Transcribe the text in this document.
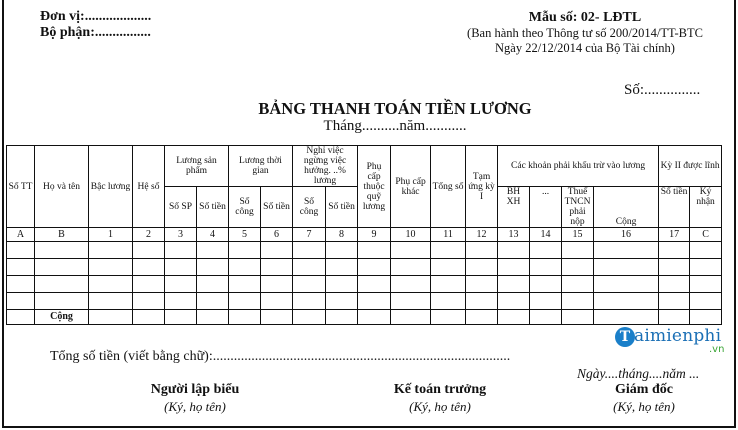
Đơn vị:...................
Bộ phận:................
Mẫu số: 02- LĐTL
(Ban hành theo Thông tư số 200/2014/TT-BTC
Ngày 22/12/2014 của Bộ Tài chính)
Số:...............
BẢNG THANH TOÁN TIỀN LƯƠNG
Tháng..........năm...........
Số TT	Họ và tên	Bậc lương	Hệ số	Lương sản phẩm		Lương thời gian		Nghỉ việc ngừng việc hưởng. ..% lương		Phụ cấp thuộc quỹ lương	Phụ cấp khác	Tổng số	Tạm ứng kỳ I	Các khoản phải khấu trừ vào lương				Kỳ II được lĩnh		
				Số SP	Số tiền	Số công	Số tiền	Số công	Số tiền					BH XH	...	Thuế TNCN phải nộp	Cộng	Số tiền	Ký nhận	
A	B	1	2	3	4	5	6	7	8	9	10	11	12	13	14	15	16	17	C	

	Cộng																			
T aimienphi
.vn
Tổng số tiền (viết bằng chữ):.....................................................................................
Ngày....tháng....năm ...
Người lập biểu
(Ký, họ tên)
Kế toán trưởng
(Ký, họ tên)
Giám đốc
(Ký, họ tên)
